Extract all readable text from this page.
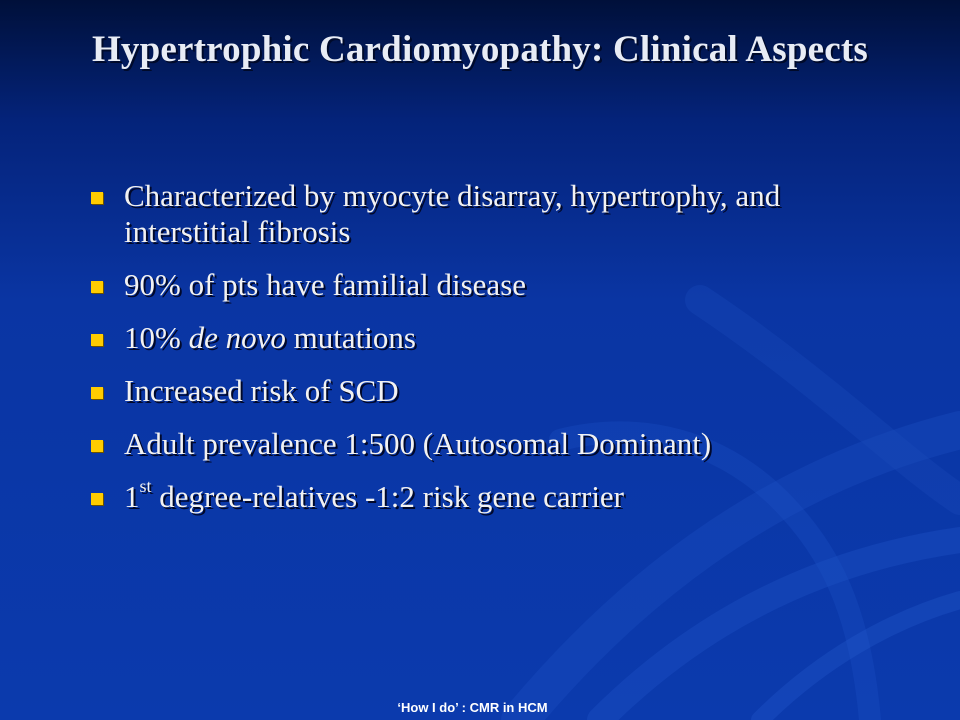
Hypertrophic Cardiomyopathy: Clinical Aspects
Characterized by myocyte disarray, hypertrophy, and interstitial fibrosis
90% of pts have familial disease
10% de novo mutations
Increased risk of SCD
Adult prevalence 1:500 (Autosomal Dominant)
1st degree-relatives -1:2 risk gene carrier
‘How I do’ : CMR in HCM
